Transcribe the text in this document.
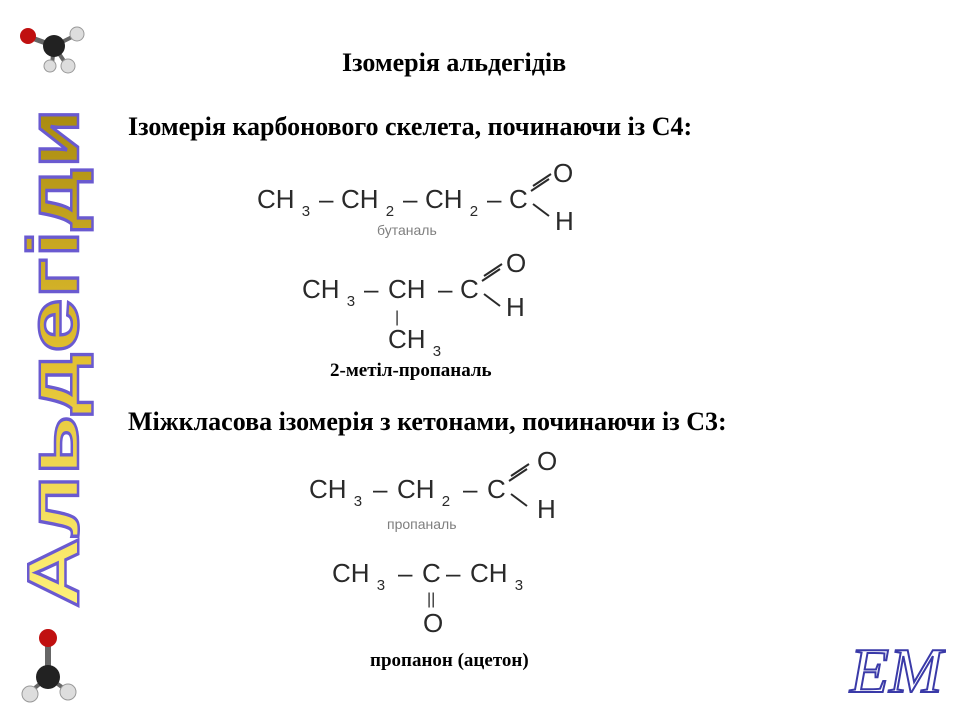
Альдегіди
Ізомерія альдегідів
Ізомерія карбонового скелета, починаючи із С4:
CH $_3$ – CH $_2$ – CH $_2$ – C
O
H
бутаналь
CH $_3$ – CH – C
O
H
|
CH $_3$
2-метіл-пропаналь
Міжкласова ізомерія з кетонами, починаючи із С3:
CH $_3$ – CH $_2$ – C
O
H
пропаналь
CH $_3$ – C – CH $_3$
||
O
пропанон (ацетон)	EM
